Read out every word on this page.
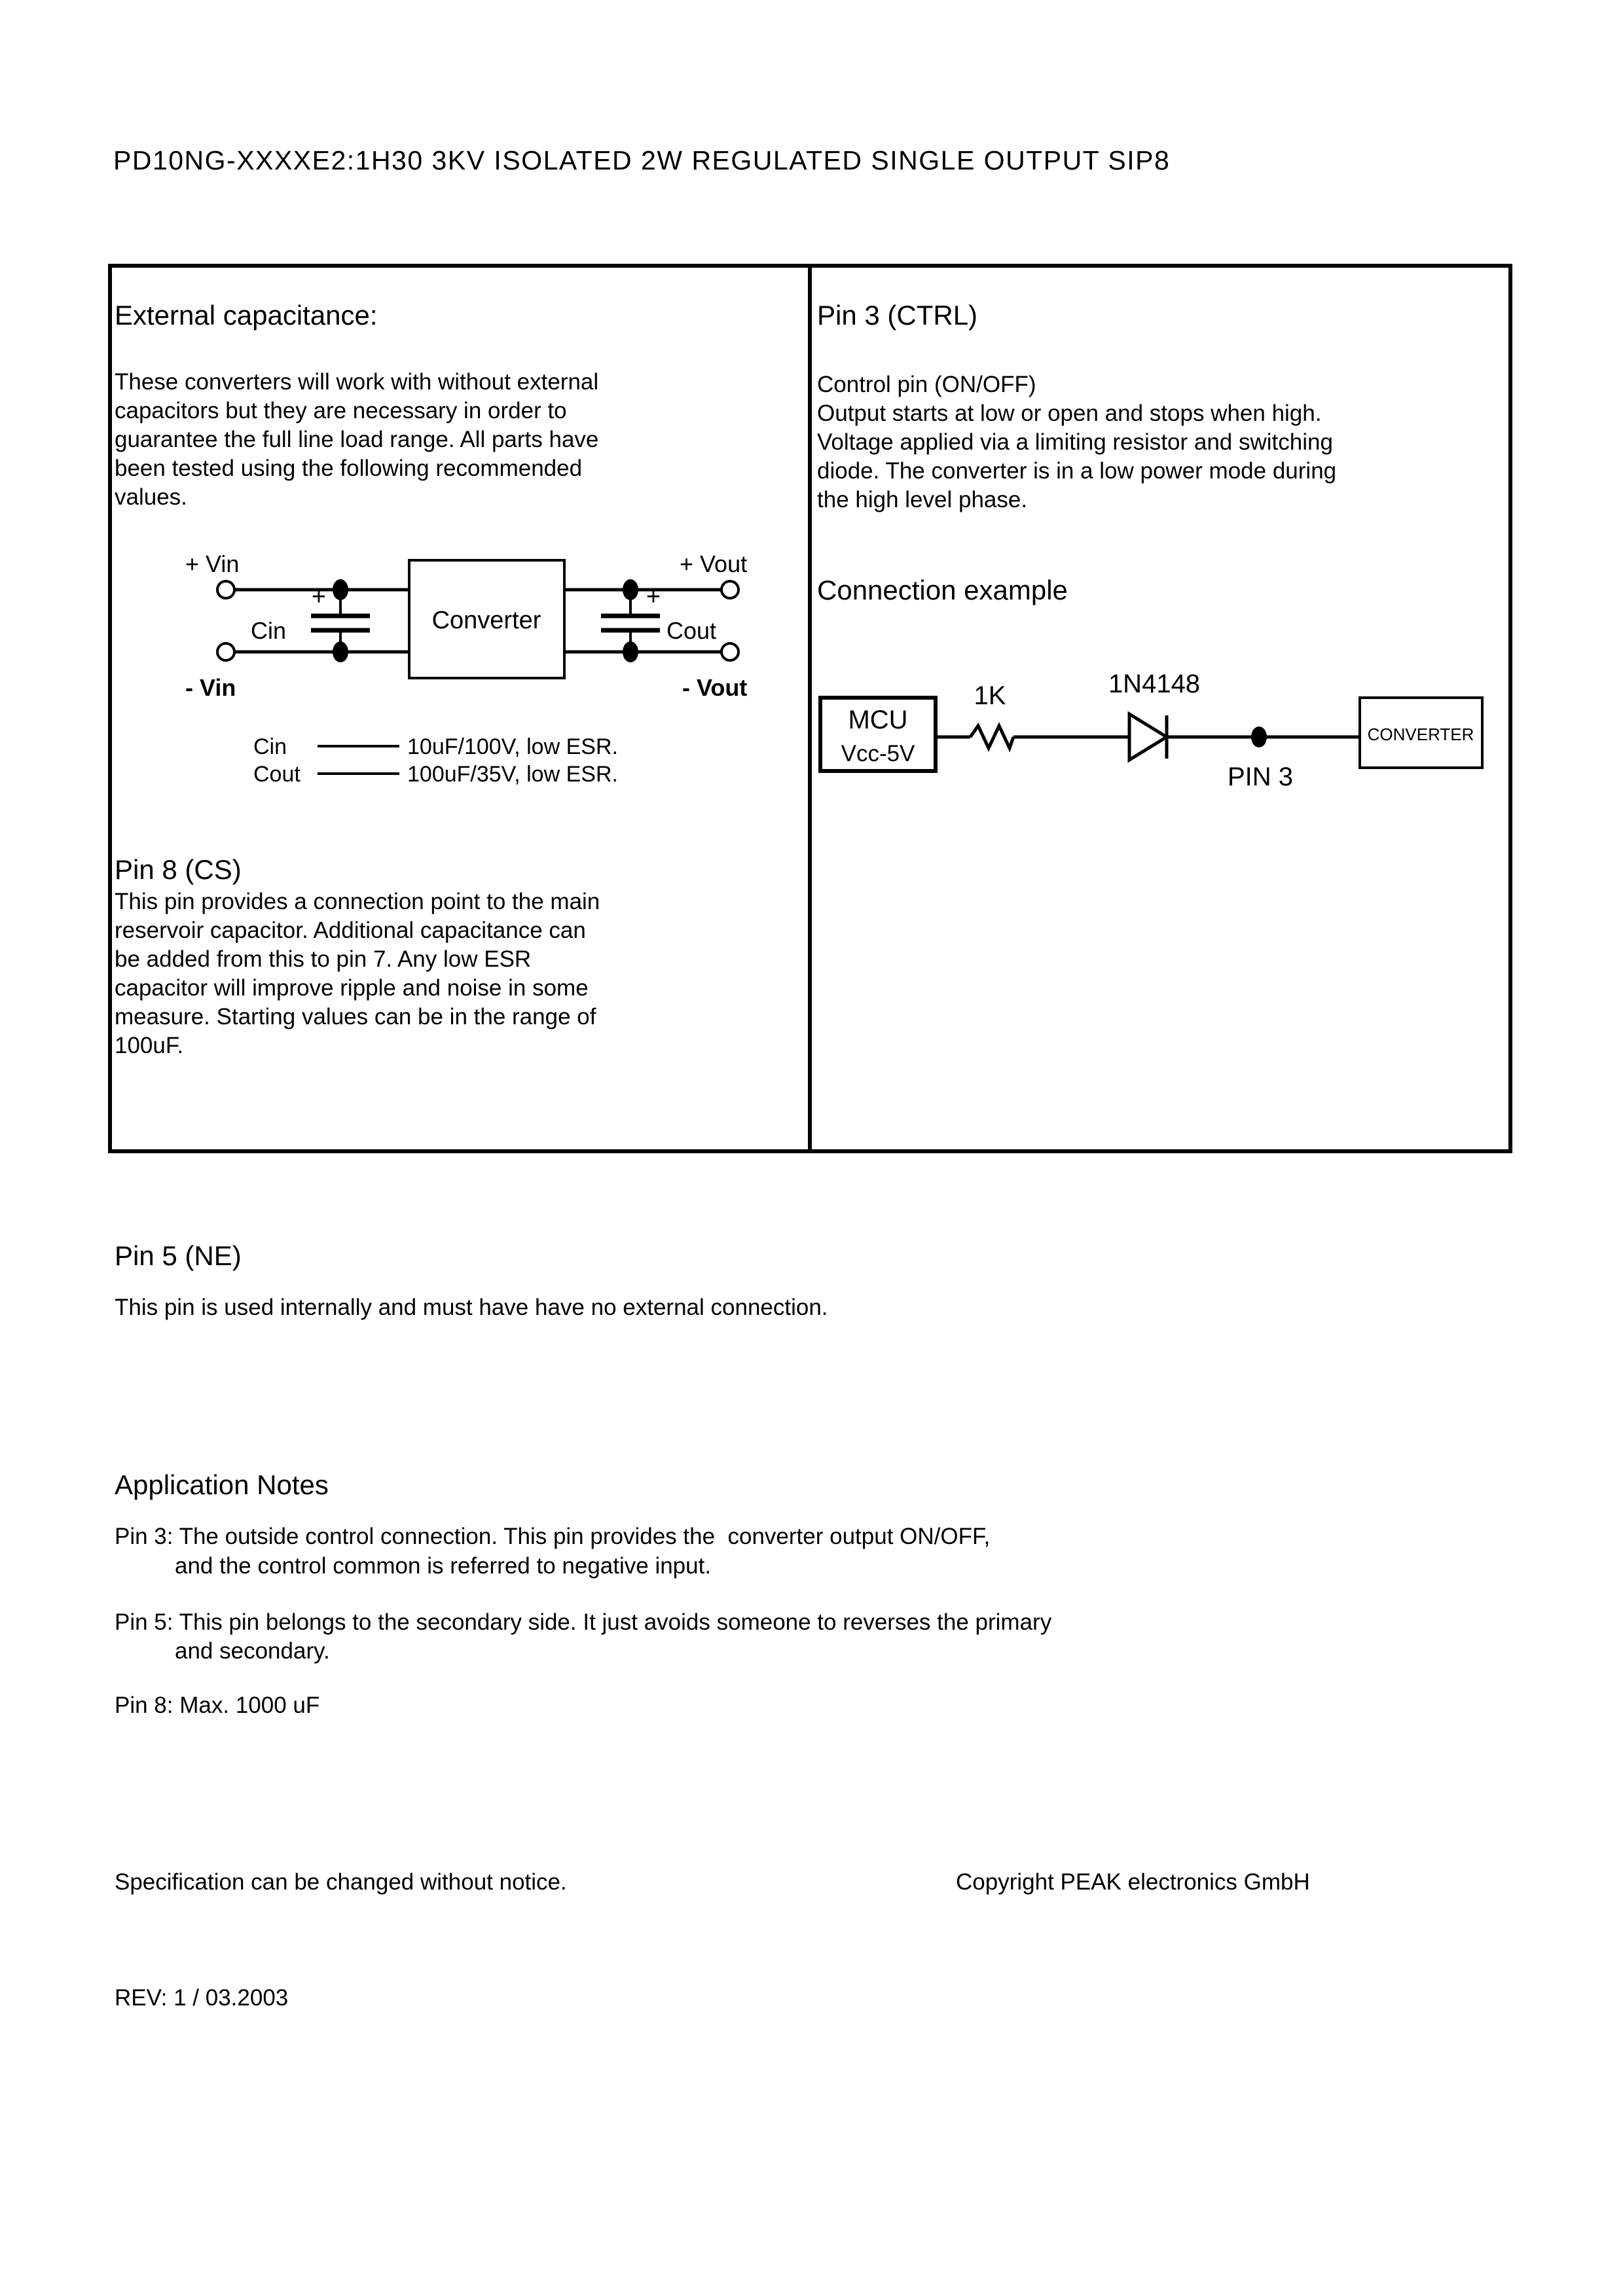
PD10NG-XXXXE2:1H30 3KV ISOLATED 2W REGULATED SINGLE OUTPUT SIP8
External capacitance:
These converters will work with without external
capacitors but they are necessary in order to
guarantee the full line load range. All parts have
been tested using the following recommended
values.
Converter
+ Vin
- Vin
+ Vout
- Vout
+	+
Cin	Cout
Cin	10uF/100V, low ESR.
Cout	100uF/35V, low ESR.
Pin 8 (CS)
This pin provides a connection point to the main
reservoir capacitor. Additional capacitance can
be added from this to pin 7. Any low ESR
capacitor will improve ripple and noise in some
measure. Starting values can be in the range of
100uF.
Pin 3 (CTRL)
Control pin (ON/OFF)
Output starts at low or open and stops when high.
Voltage applied via a limiting resistor and switching
diode. The converter is in a low power mode during
the high level phase.
Connection example
MCU
Vcc-5V
CONVERTER
1K	1N4148
PIN 3
Pin 5 (NE)
This pin is used internally and must have have no external connection.
Application Notes
Pin 3: The outside control connection. This pin provides the  converter output ON/OFF,
and the control common is referred to negative input.
Pin 5: This pin belongs to the secondary side. It just avoids someone to reverses the primary
and secondary.
Pin 8: Max. 1000 uF
Specification can be changed without notice.	Copyright PEAK electronics GmbH
REV: 1 / 03.2003
